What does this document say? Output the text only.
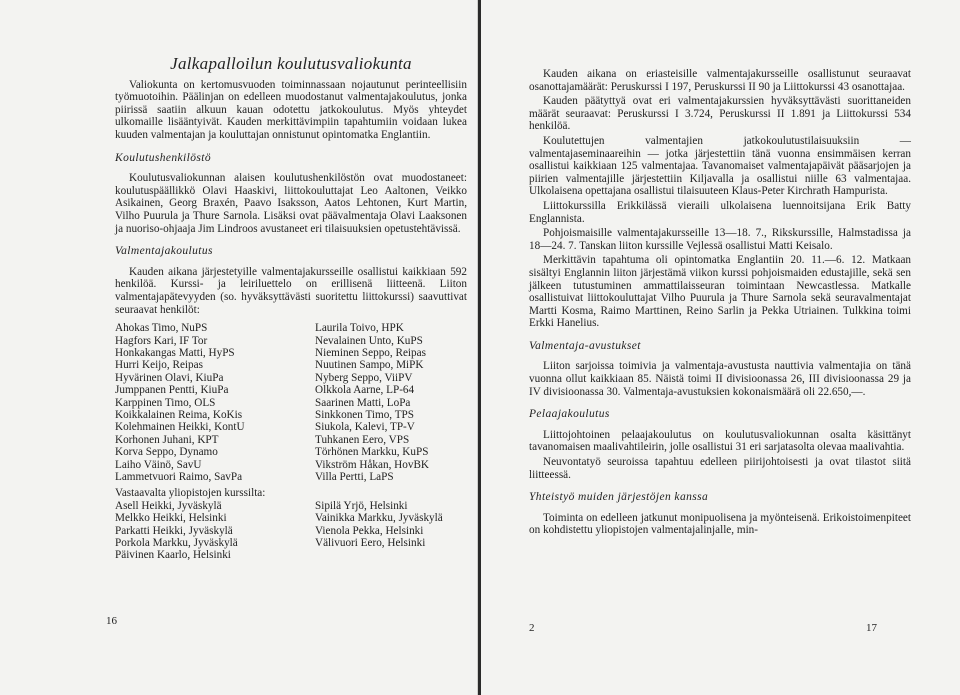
Jalkapalloilun koulutusvaliokunta

Valiokunta on kertomusvuoden toiminnassaan nojautunut perinteellisiin työmuotoihin. Päälinjan on edelleen muodostanut valmentajakoulutus, jonka piirissä saatiin alkuun kauan odotettu jatkokoulutus. Myös yhteydet ulkomaille lisääntyivät. Kauden merkittävimpiin tapahtumiin voidaan lukea kuuden valmentajan ja kouluttajan onnistunut opintomatka Englantiin.

Koulutushenkilöstö

Koulutusvaliokunnan alaisen koulutushenkilöstön ovat muodostaneet: koulutuspäällikkö Olavi Haaskivi, liittokouluttajat Leo Aaltonen, Veikko Asikainen, Georg Braxén, Paavo Isaksson, Aatos Lehtonen, Kurt Martin, Vilho Puurula ja Thure Sarnola. Lisäksi ovat päävalmentaja Olavi Laaksonen ja nuoriso-ohjaaja Jim Lindroos avustaneet eri tilaisuuksien opetustehtävissä.

Valmentajakoulutus

Kauden aikana järjestetyille valmentajakursseille osallistui kaikkiaan 592 henkilöä. Kurssi- ja leiriluettelo on erillisenä liitteenä. Liiton valmentajapätevyyden (so. hyväksyttävästi suoritettu liittokurssi) saavuttivat seuraavat henkilöt:

Ahokas Timo, NuPS	Laurila Toivo, HPK
Hagfors Kari, IF Tor	Nevalainen Unto, KuPS
Honkakangas Matti, HyPS	Nieminen Seppo, Reipas
Hurri Keijo, Reipas	Nuutinen Sampo, MiPK
Hyvärinen Olavi, KiuPa	Nyberg Seppo, ViiPV
Jumppanen Pentti, KiuPa	Olkkola Aarne, LP-64
Karppinen Timo, OLS	Saarinen Matti, LoPa
Koikkalainen Reima, KoKis	Sinkkonen Timo, TPS
Kolehmainen Heikki, KontU	Siukola, Kalevi, TP-V
Korhonen Juhani, KPT	Tuhkanen Eero, VPS
Korva Seppo, Dynamo	Törhönen Markku, KuPS
Laiho Väinö, SavU	Vikström Håkan, HovBK
Lammetvuori Raimo, SavPa	Villa Pertti, LaPS
Vastaavalta yliopistojen kurssilta:
Asell Heikki, Jyväskylä	Sipilä Yrjö, Helsinki
Melkko Heikki, Helsinki	Vainikka Markku, Jyväskylä
Parkatti Heikki, Jyväskylä	Vienola Pekka, Helsinki
Porkola Markku, Jyväskylä	Välivuori Eero, Helsinki
Päivinen Kaarlo, Helsinki
16

Kauden aikana on eriasteisille valmentajakursseille osallistunut seuraavat osanottajamäärät: Peruskurssi I 197, Peruskurssi II 90 ja Liittokurssi 43 osanottajaa.

Kauden päätyttyä ovat eri valmentajakurssien hyväksyttävästi suorittaneiden määrät seuraavat: Peruskurssi I 3.724, Peruskurssi II 1.891 ja Liittokurssi 534 henkilöä.

Koulutettujen valmentajien jatkokoulutustilaisuuksiin — valmentajaseminaareihin — jotka järjestettiin tänä vuonna ensimmäisen kerran osallistui kaikkiaan 125 valmentajaa. Tavanomaiset valmentajapäivät pääsarjojen ja piirien valmentajille järjestettiin Kiljavalla ja osallistui niille 63 valmentajaa. Ulkolaisena opettajana osallistui tilaisuuteen Klaus-Peter Kirchrath Hampurista.

Liittokurssilla Erikkilässä vieraili ulkolaisena luennoitsijana Erik Batty Englannista.

Pohjoismaisille valmentajakursseille 13—18. 7., Rikskurssille, Halmstadissa ja 18—24. 7. Tanskan liiton kurssille Vejlessä osallistui Matti Keisalo.

Merkittävin tapahtuma oli opintomatka Englantiin 20. 11.—6. 12. Matkaan sisältyi Englannin liiton järjestämä viikon kurssi pohjoismaiden edustajille, sekä sen jälkeen tutustuminen ammattilaisseuran toimintaan Newcastlessa. Matkalle osallistuivat liittokouluttajat Vilho Puurula ja Thure Sarnola sekä seuravalmentajat Martti Kosma, Raimo Marttinen, Reino Sarlin ja Pekka Utriainen. Tulkkina toimi Erkki Hanelius.

Valmentaja-avustukset

Liiton sarjoissa toimivia ja valmentaja-avustusta nauttivia valmentajia on tänä vuonna ollut kaikkiaan 85. Näistä toimi II divisioonassa 26, III divisioonassa 29 ja IV divisioonassa 30. Valmentaja-avustuksien kokonaismäärä oli 22.650,—.

Pelaajakoulutus

Liittojohtoinen pelaajakoulutus on koulutusvaliokunnan osalta käsittänyt tavanomaisen maalivahtileirin, jolle osallistui 31 eri sarjatasolta olevaa maalivahtia.

Neuvontatyö seuroissa tapahtuu edelleen piirijohtoisesti ja ovat tilastot siitä liitteessä.

Yhteistyö muiden järjestöjen kanssa

Toiminta on edelleen jatkunut monipuolisena ja myönteisenä. Erikoistoimenpiteet on kohdistettu yliopistojen valmentajalinjalle, min-

2	17
